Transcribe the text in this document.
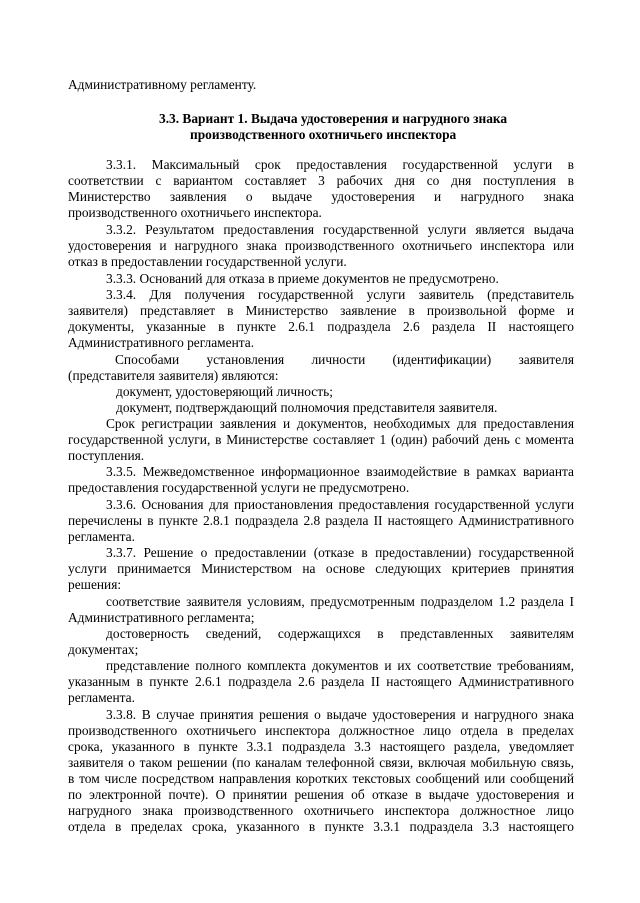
Административному регламенту.

3.3. Вариант 1. Выдача удостоверения и нагрудного знака

производственного охотничьего инспектора

3.3.1. Максимальный срок предоставления государственной услуги в

соответствии с вариантом составляет 3 рабочих дня со дня поступления в

Министерство заявления о выдаче удостоверения и нагрудного знака

производственного охотничьего инспектора.

3.3.2. Результатом предоставления государственной услуги является выдача

удостоверения и нагрудного знака производственного охотничьего инспектора или

отказ в предоставлении государственной услуги.

3.3.3. Оснований для отказа в приеме документов не предусмотрено.

3.3.4. Для получения государственной услуги заявитель (представитель

заявителя) представляет в Министерство заявление в произвольной форме и

документы, указанные в пункте 2.6.1 подраздела 2.6 раздела II настоящего

Административного регламента.

Способами установления личности (идентификации) заявителя

(представителя заявителя) являются:

документ, удостоверяющий личность;

документ, подтверждающий полномочия представителя заявителя.

Срок регистрации заявления и документов, необходимых для предоставления

государственной услуги, в Министерстве составляет 1 (один) рабочий день с момента

поступления.

3.3.5. Межведомственное информационное взаимодействие в рамках варианта

предоставления государственной услуги не предусмотрено.

3.3.6. Основания для приостановления предоставления государственной услуги

перечислены в пункте 2.8.1 подраздела 2.8 раздела II настоящего Административного

регламента.

3.3.7. Решение о предоставлении (отказе в предоставлении) государственной

услуги принимается Министерством на основе следующих критериев принятия

решения:

соответствие заявителя условиям, предусмотренным подразделом 1.2 раздела I

Административного регламента;

достоверность сведений, содержащихся в представленных заявителям

документах;

представление полного комплекта документов и их соответствие требованиям,

указанным в пункте 2.6.1 подраздела 2.6 раздела II настоящего Административного

регламента.

3.3.8. В случае принятия решения о выдаче удостоверения и нагрудного знака

производственного охотничьего инспектора должностное лицо отдела в пределах

срока, указанного в пункте 3.3.1 подраздела 3.3 настоящего раздела, уведомляет

заявителя о таком решении (по каналам телефонной связи, включая мобильную связь,

в том числе посредством направления коротких текстовых сообщений или сообщений

по электронной почте). О принятии решения об отказе в выдаче удостоверения и

нагрудного знака производственного охотничьего инспектора должностное лицо

отдела в пределах срока, указанного в пункте 3.3.1 подраздела 3.3 настоящего
